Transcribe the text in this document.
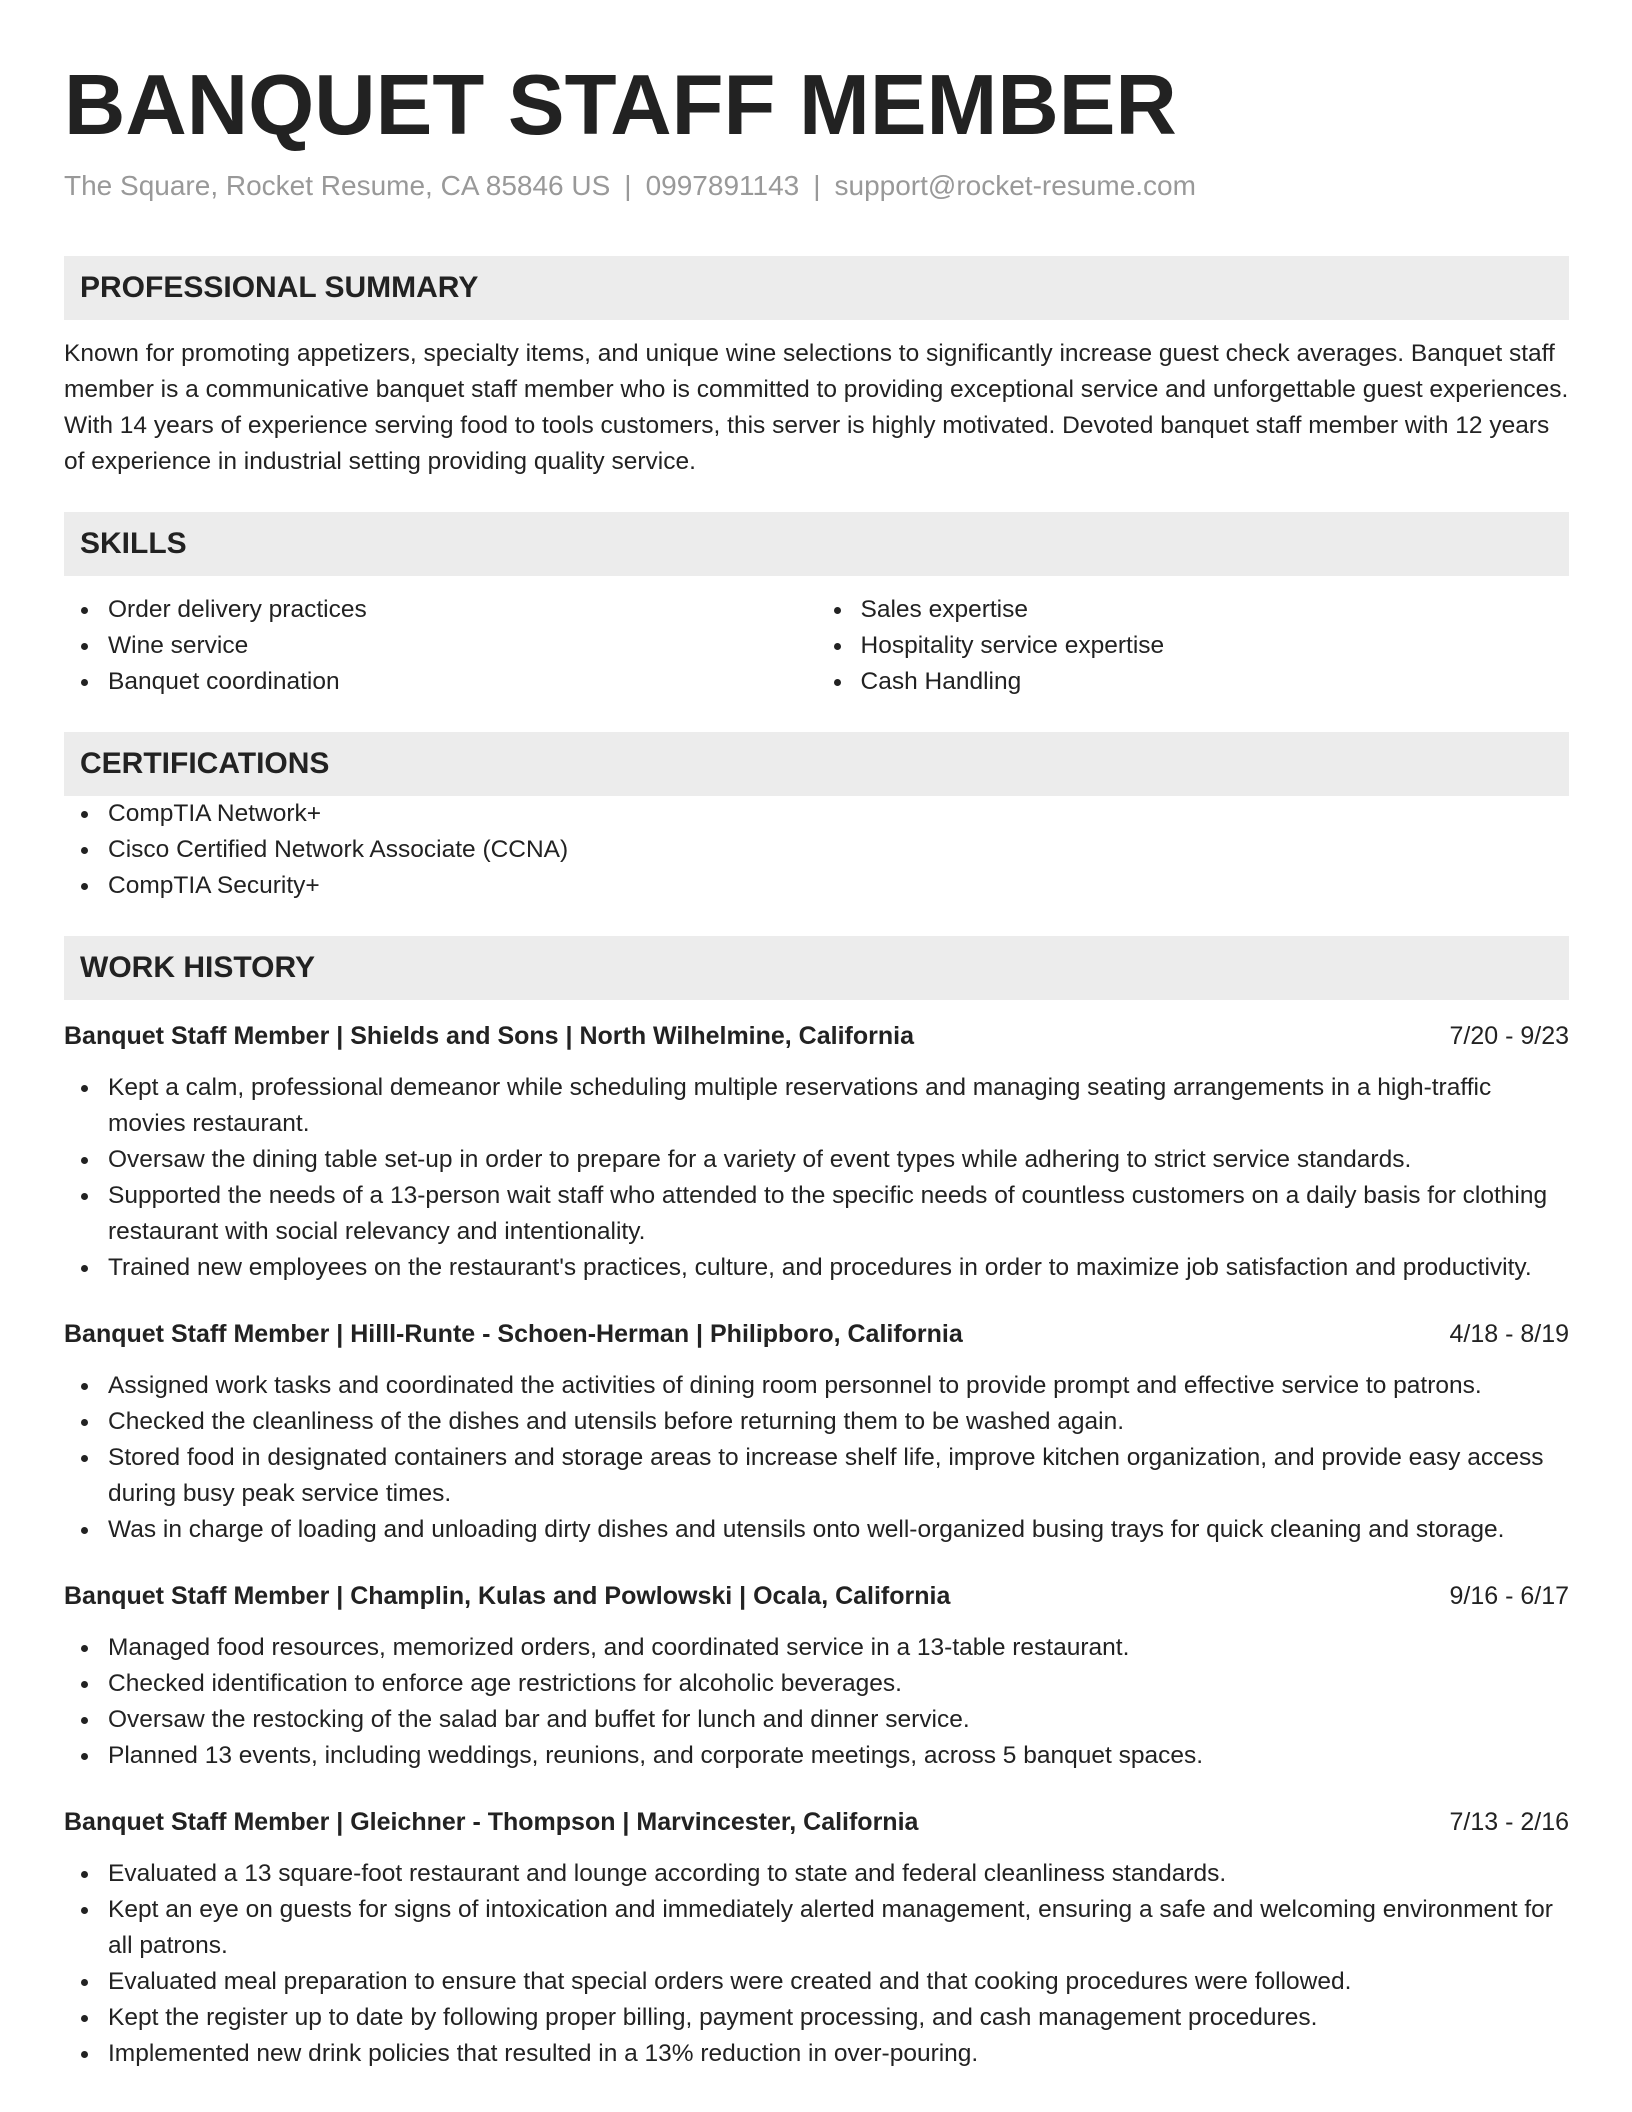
BANQUET STAFF MEMBER
The Square, Rocket Resume, CA 85846 US | 0997891143 | support@rocket-resume.com
PROFESSIONAL SUMMARY
Known for promoting appetizers, specialty items, and unique wine selections to significantly increase guest check averages. Banquet staff member is a communicative banquet staff member who is committed to providing exceptional service and unforgettable guest experiences. With 14 years of experience serving food to tools customers, this server is highly motivated. Devoted banquet staff member with 12 years of experience in industrial setting providing quality service.
SKILLS
Order delivery practices
Wine service
Banquet coordination
Sales expertise
Hospitality service expertise
Cash Handling
CERTIFICATIONS
CompTIA Network+
Cisco Certified Network Associate (CCNA)
CompTIA Security+
WORK HISTORY
Banquet Staff Member | Shields and Sons | North Wilhelmine, California	7/20 - 9/23
Kept a calm, professional demeanor while scheduling multiple reservations and managing seating arrangements in a high-traffic movies restaurant.
Oversaw the dining table set-up in order to prepare for a variety of event types while adhering to strict service standards.
Supported the needs of a 13-person wait staff who attended to the specific needs of countless customers on a daily basis for clothing restaurant with social relevancy and intentionality.
Trained new employees on the restaurant's practices, culture, and procedures in order to maximize job satisfaction and productivity.
Banquet Staff Member | Hilll-Runte - Schoen-Herman | Philipboro, California	4/18 - 8/19
Assigned work tasks and coordinated the activities of dining room personnel to provide prompt and effective service to patrons.
Checked the cleanliness of the dishes and utensils before returning them to be washed again.
Stored food in designated containers and storage areas to increase shelf life, improve kitchen organization, and provide easy access during busy peak service times.
Was in charge of loading and unloading dirty dishes and utensils onto well-organized busing trays for quick cleaning and storage.
Banquet Staff Member | Champlin, Kulas and Powlowski | Ocala, California	9/16 - 6/17
Managed food resources, memorized orders, and coordinated service in a 13-table restaurant.
Checked identification to enforce age restrictions for alcoholic beverages.
Oversaw the restocking of the salad bar and buffet for lunch and dinner service.
Planned 13 events, including weddings, reunions, and corporate meetings, across 5 banquet spaces.
Banquet Staff Member | Gleichner - Thompson | Marvincester, California	7/13 - 2/16
Evaluated a 13 square-foot restaurant and lounge according to state and federal cleanliness standards.
Kept an eye on guests for signs of intoxication and immediately alerted management, ensuring a safe and welcoming environment for all patrons.
Evaluated meal preparation to ensure that special orders were created and that cooking procedures were followed.
Kept the register up to date by following proper billing, payment processing, and cash management procedures.
Implemented new drink policies that resulted in a 13% reduction in over-pouring.
